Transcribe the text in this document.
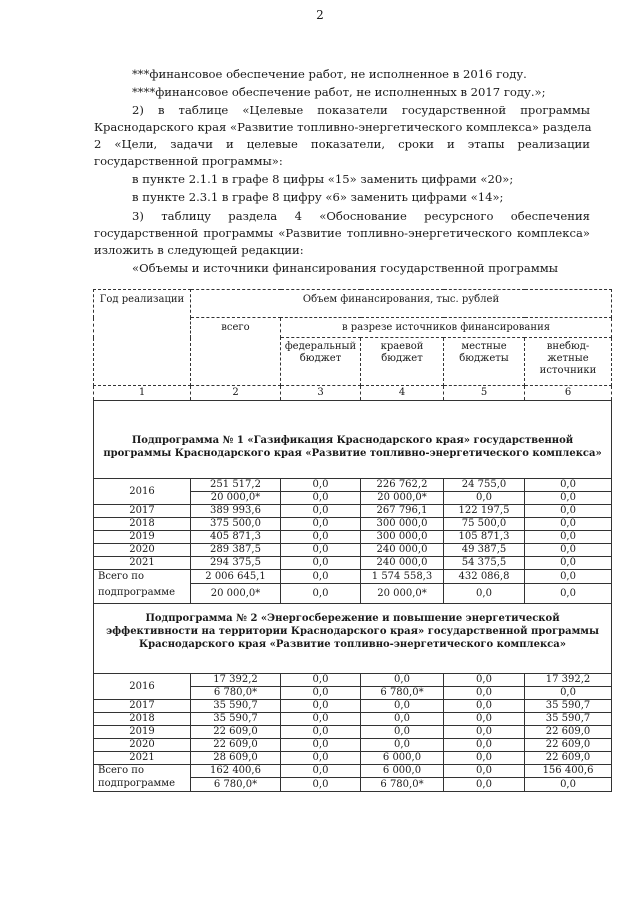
2
***финансовое обеспечение работ, не исполненное в 2016 году.
****финансовое обеспечение работ, не исполненных в 2017 году.»;
2) в таблице «Целевые показатели государственной программы
Краснодарского края «Развитие топливно-энергетического комплекса» раздела
2 «Цели, задачи и целевые показатели, сроки и этапы реализации
государственной программы»:
в пункте 2.1.1 в графе 8 цифры «15» заменить цифрами «20»;
в пункте 2.3.1 в графе 8 цифру «6» заменить цифрами «14»;
3) таблицу раздела 4 «Обоснование ресурсного обеспечения
государственной программы «Развитие топливно-энергетического комплекса»
изложить в следующей редакции:
«Объемы и источники финансирования государственной программы
Год реализации	Объем финансирования, тыс. рублей				
	всего	в разрезе источников финансирования			
		федеральный бюджет	краевой бюджет	местные бюджеты	внебюд-жетные источники
1	2	3	4	5	6
Подпрограмма № 1 «Газификация Краснодарского края» государственной программы Краснодарского края «Развитие топливно-энергетического комплекса»					
2016	251 517,2	0,0	226 762,2	24 755,0	0,0
	20 000,0*	0,0	20 000,0*	0,0	0,0
2017	389 993,6	0,0	267 796,1	122 197,5	0,0
2018	375 500,0	0,0	300 000,0	75 500,0	0,0
2019	405 871,3	0,0	300 000,0	105 871,3	0,0
2020	289 387,5	0,0	240 000,0	49 387,5	0,0
2021	294 375,5	0,0	240 000,0	54 375,5	0,0
Всего по	2 006 645,1	0,0	1 574 558,3	432 086,8	0,0
подпрограмме	20 000,0*	0,0	20 000,0*	0,0	0,0
Подпрограмма № 2 «Энергосбережение и повышение энергетической эффективности на территории Краснодарского края» государственной программы Краснодарского края «Развитие топливно-энергетического комплекса»					
2016	17 392,2	0,0	0,0	0,0	17 392,2
	6 780,0*	0,0	6 780,0*	0,0	0,0
2017	35 590,7	0,0	0,0	0,0	35 590,7
2018	35 590,7	0,0	0,0	0,0	35 590,7
2019	22 609,0	0,0	0,0	0,0	22 609,0
2020	22 609,0	0,0	0,0	0,0	22 609,0
2021	28 609,0	0,0	6 000,0	0,0	22 609,0
Всего по	162 400,6	0,0	6 000,0	0,0	156 400,6
подпрограмме	6 780,0*	0,0	6 780,0*	0,0	0,0
